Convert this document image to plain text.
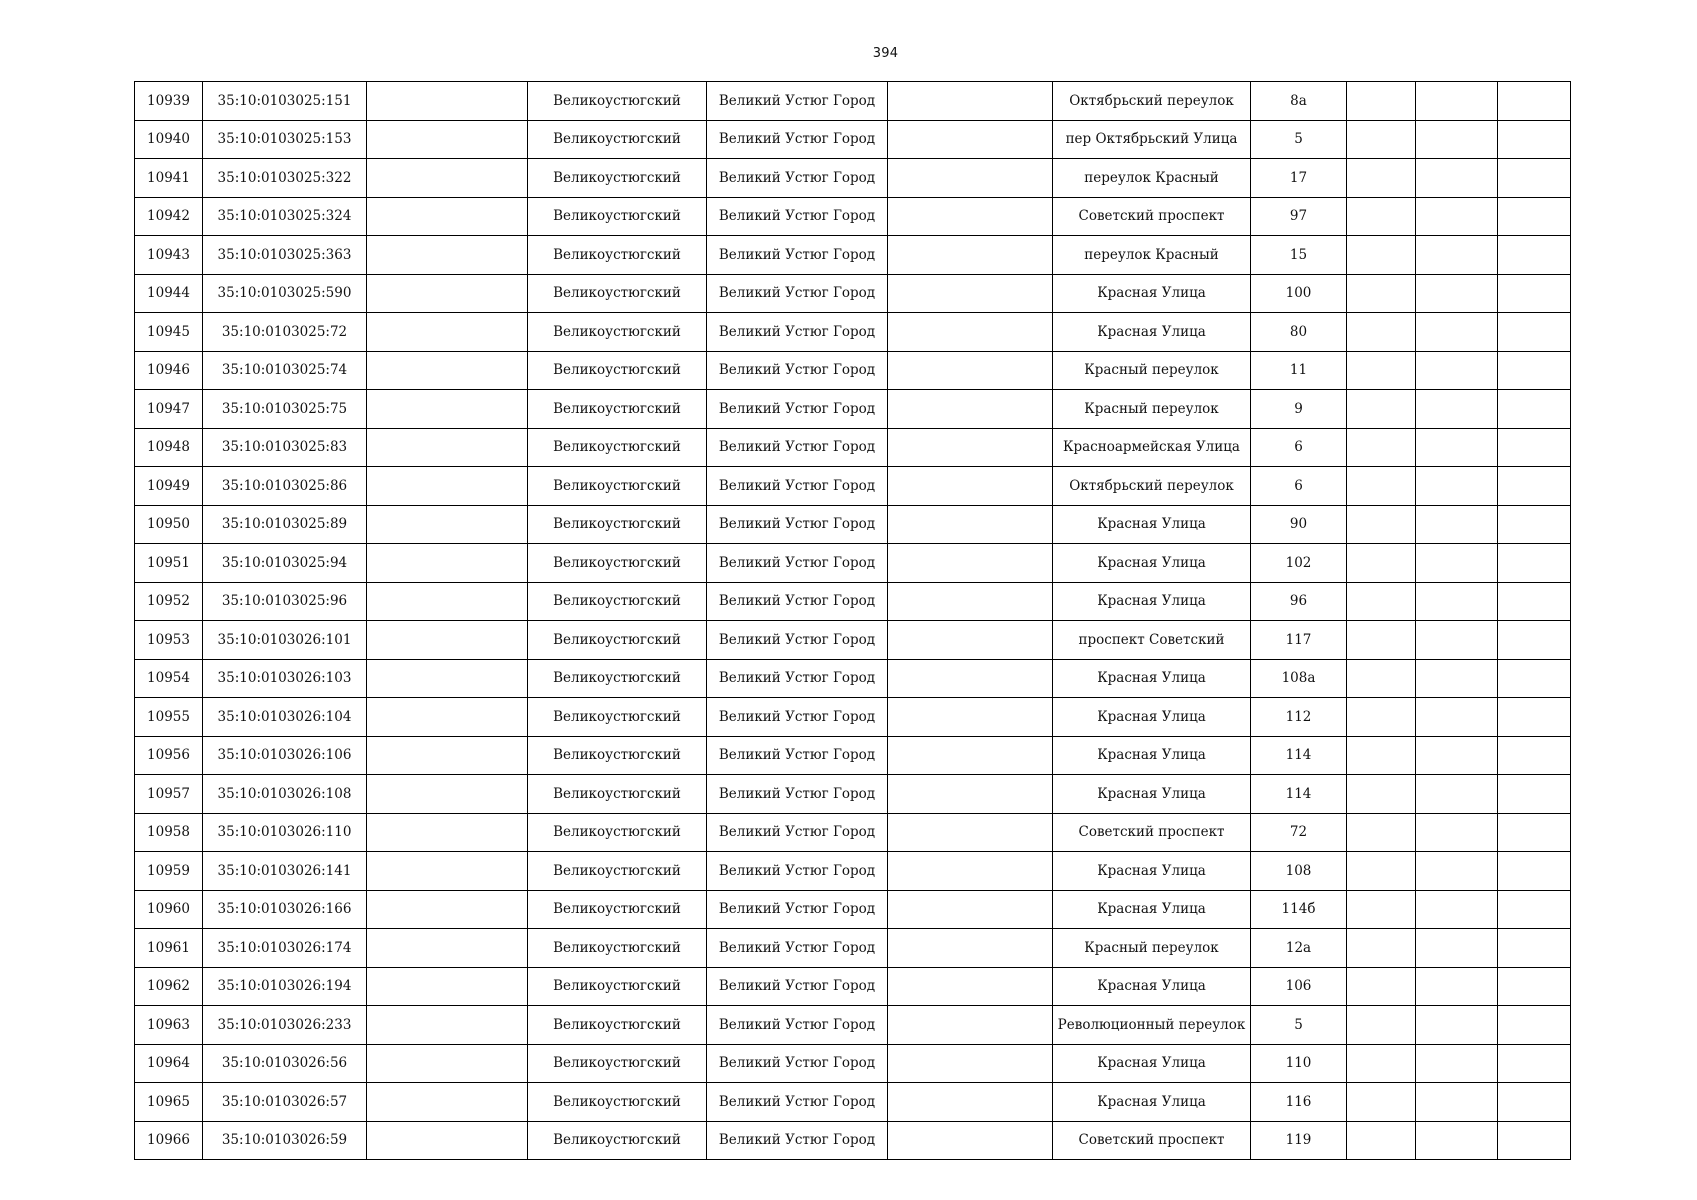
394
10939	35:10:0103025:151		Великоустюгский	Великий Устюг Город		Октябрьский переулок	8а			
10940	35:10:0103025:153		Великоустюгский	Великий Устюг Город		пер Октябрьский Улица	5			
10941	35:10:0103025:322		Великоустюгский	Великий Устюг Город		переулок Красный	17			
10942	35:10:0103025:324		Великоустюгский	Великий Устюг Город		Советский проспект	97			
10943	35:10:0103025:363		Великоустюгский	Великий Устюг Город		переулок Красный	15			
10944	35:10:0103025:590		Великоустюгский	Великий Устюг Город		Красная Улица	100			
10945	35:10:0103025:72		Великоустюгский	Великий Устюг Город		Красная Улица	80			
10946	35:10:0103025:74		Великоустюгский	Великий Устюг Город		Красный переулок	11			
10947	35:10:0103025:75		Великоустюгский	Великий Устюг Город		Красный переулок	9			
10948	35:10:0103025:83		Великоустюгский	Великий Устюг Город		Красноармейская Улица	6			
10949	35:10:0103025:86		Великоустюгский	Великий Устюг Город		Октябрьский переулок	6			
10950	35:10:0103025:89		Великоустюгский	Великий Устюг Город		Красная Улица	90			
10951	35:10:0103025:94		Великоустюгский	Великий Устюг Город		Красная Улица	102			
10952	35:10:0103025:96		Великоустюгский	Великий Устюг Город		Красная Улица	96			
10953	35:10:0103026:101		Великоустюгский	Великий Устюг Город		проспект Советский	117			
10954	35:10:0103026:103		Великоустюгский	Великий Устюг Город		Красная Улица	108а			
10955	35:10:0103026:104		Великоустюгский	Великий Устюг Город		Красная Улица	112			
10956	35:10:0103026:106		Великоустюгский	Великий Устюг Город		Красная Улица	114			
10957	35:10:0103026:108		Великоустюгский	Великий Устюг Город		Красная Улица	114			
10958	35:10:0103026:110		Великоустюгский	Великий Устюг Город		Советский проспект	72			
10959	35:10:0103026:141		Великоустюгский	Великий Устюг Город		Красная Улица	108			
10960	35:10:0103026:166		Великоустюгский	Великий Устюг Город		Красная Улица	114б			
10961	35:10:0103026:174		Великоустюгский	Великий Устюг Город		Красный переулок	12а			
10962	35:10:0103026:194		Великоустюгский	Великий Устюг Город		Красная Улица	106			
10963	35:10:0103026:233		Великоустюгский	Великий Устюг Город		Революционный переулок	5			
10964	35:10:0103026:56		Великоустюгский	Великий Устюг Город		Красная Улица	110			
10965	35:10:0103026:57		Великоустюгский	Великий Устюг Город		Красная Улица	116			
10966	35:10:0103026:59		Великоустюгский	Великий Устюг Город		Советский проспект	119			
